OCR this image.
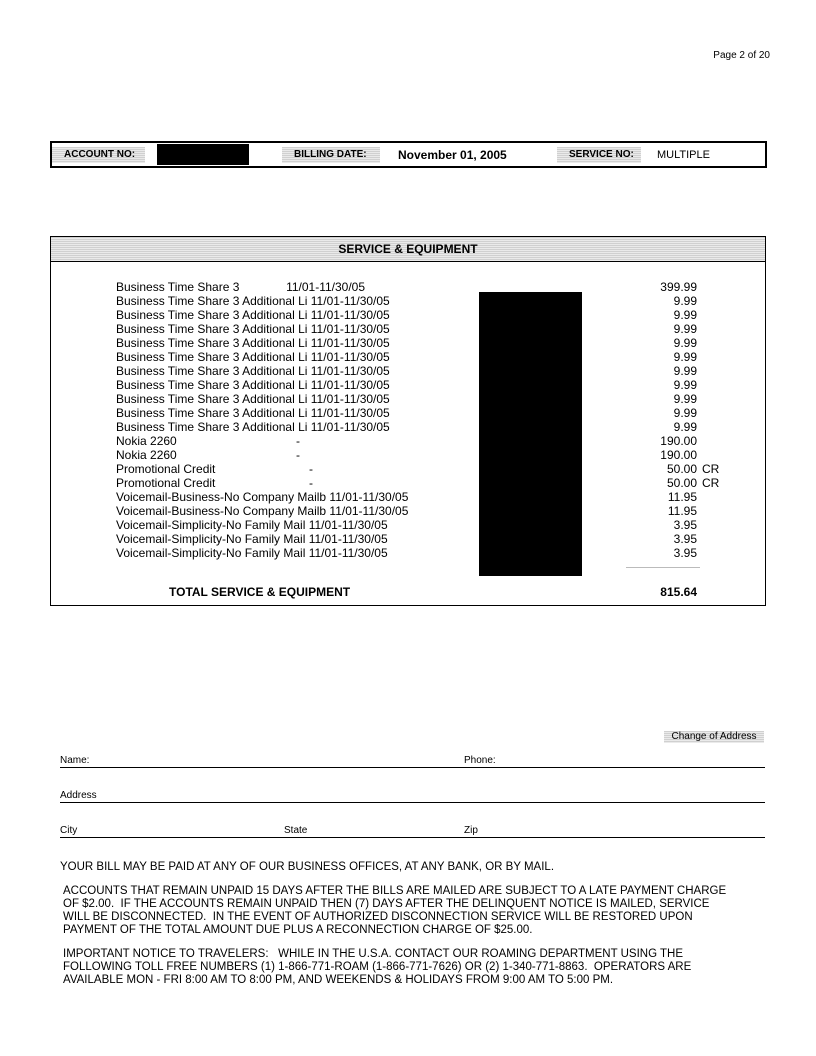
Page 2 of 20
ACCOUNT NO:	BILLING DATE:	November 01, 2005	SERVICE NO:	MULTIPLE
SERVICE & EQUIPMENT
Business Time Share 3              11/01-11/30/05	399.99
Business Time Share 3 Additional Li 11/01-11/30/05	9.99
Business Time Share 3 Additional Li 11/01-11/30/05	9.99
Business Time Share 3 Additional Li 11/01-11/30/05	9.99
Business Time Share 3 Additional Li 11/01-11/30/05	9.99
Business Time Share 3 Additional Li 11/01-11/30/05	9.99
Business Time Share 3 Additional Li 11/01-11/30/05	9.99
Business Time Share 3 Additional Li 11/01-11/30/05	9.99
Business Time Share 3 Additional Li 11/01-11/30/05	9.99
Business Time Share 3 Additional Li 11/01-11/30/05	9.99
Business Time Share 3 Additional Li 11/01-11/30/05	9.99
Nokia 2260	-	190.00
Nokia 2260	-	190.00
Promotional Credit	-	50.00 CR
Promotional Credit	-	50.00 CR
Voicemail-Business-No Company Mailb 11/01-11/30/05	11.95
Voicemail-Business-No Company Mailb 11/01-11/30/05	11.95
Voicemail-Simplicity-No Family Mail 11/01-11/30/05	3.95
Voicemail-Simplicity-No Family Mail 11/01-11/30/05	3.95
Voicemail-Simplicity-No Family Mail 11/01-11/30/05	3.95
TOTAL SERVICE & EQUIPMENT	815.64
Change of Address
Name:	Phone:
Address
City	State	Zip
YOUR BILL MAY BE PAID AT ANY OF OUR BUSINESS OFFICES, AT ANY BANK, OR BY MAIL.
ACCOUNTS THAT REMAIN UNPAID 15 DAYS AFTER THE BILLS ARE MAILED ARE SUBJECT TO A LATE PAYMENT CHARGE
OF $2.00.  IF THE ACCOUNTS REMAIN UNPAID THEN (7) DAYS AFTER THE DELINQUENT NOTICE IS MAILED, SERVICE
WILL BE DISCONNECTED.  IN THE EVENT OF AUTHORIZED DISCONNECTION SERVICE WILL BE RESTORED UPON
PAYMENT OF THE TOTAL AMOUNT DUE PLUS A RECONNECTION CHARGE OF $25.00.
IMPORTANT NOTICE TO TRAVELERS:   WHILE IN THE U.S.A. CONTACT OUR ROAMING DEPARTMENT USING THE
FOLLOWING TOLL FREE NUMBERS (1) 1-866-771-ROAM (1-866-771-7626) OR (2) 1-340-771-8863.  OPERATORS ARE
AVAILABLE MON - FRI 8:00 AM TO 8:00 PM, AND WEEKENDS & HOLIDAYS FROM 9:00 AM TO 5:00 PM.
